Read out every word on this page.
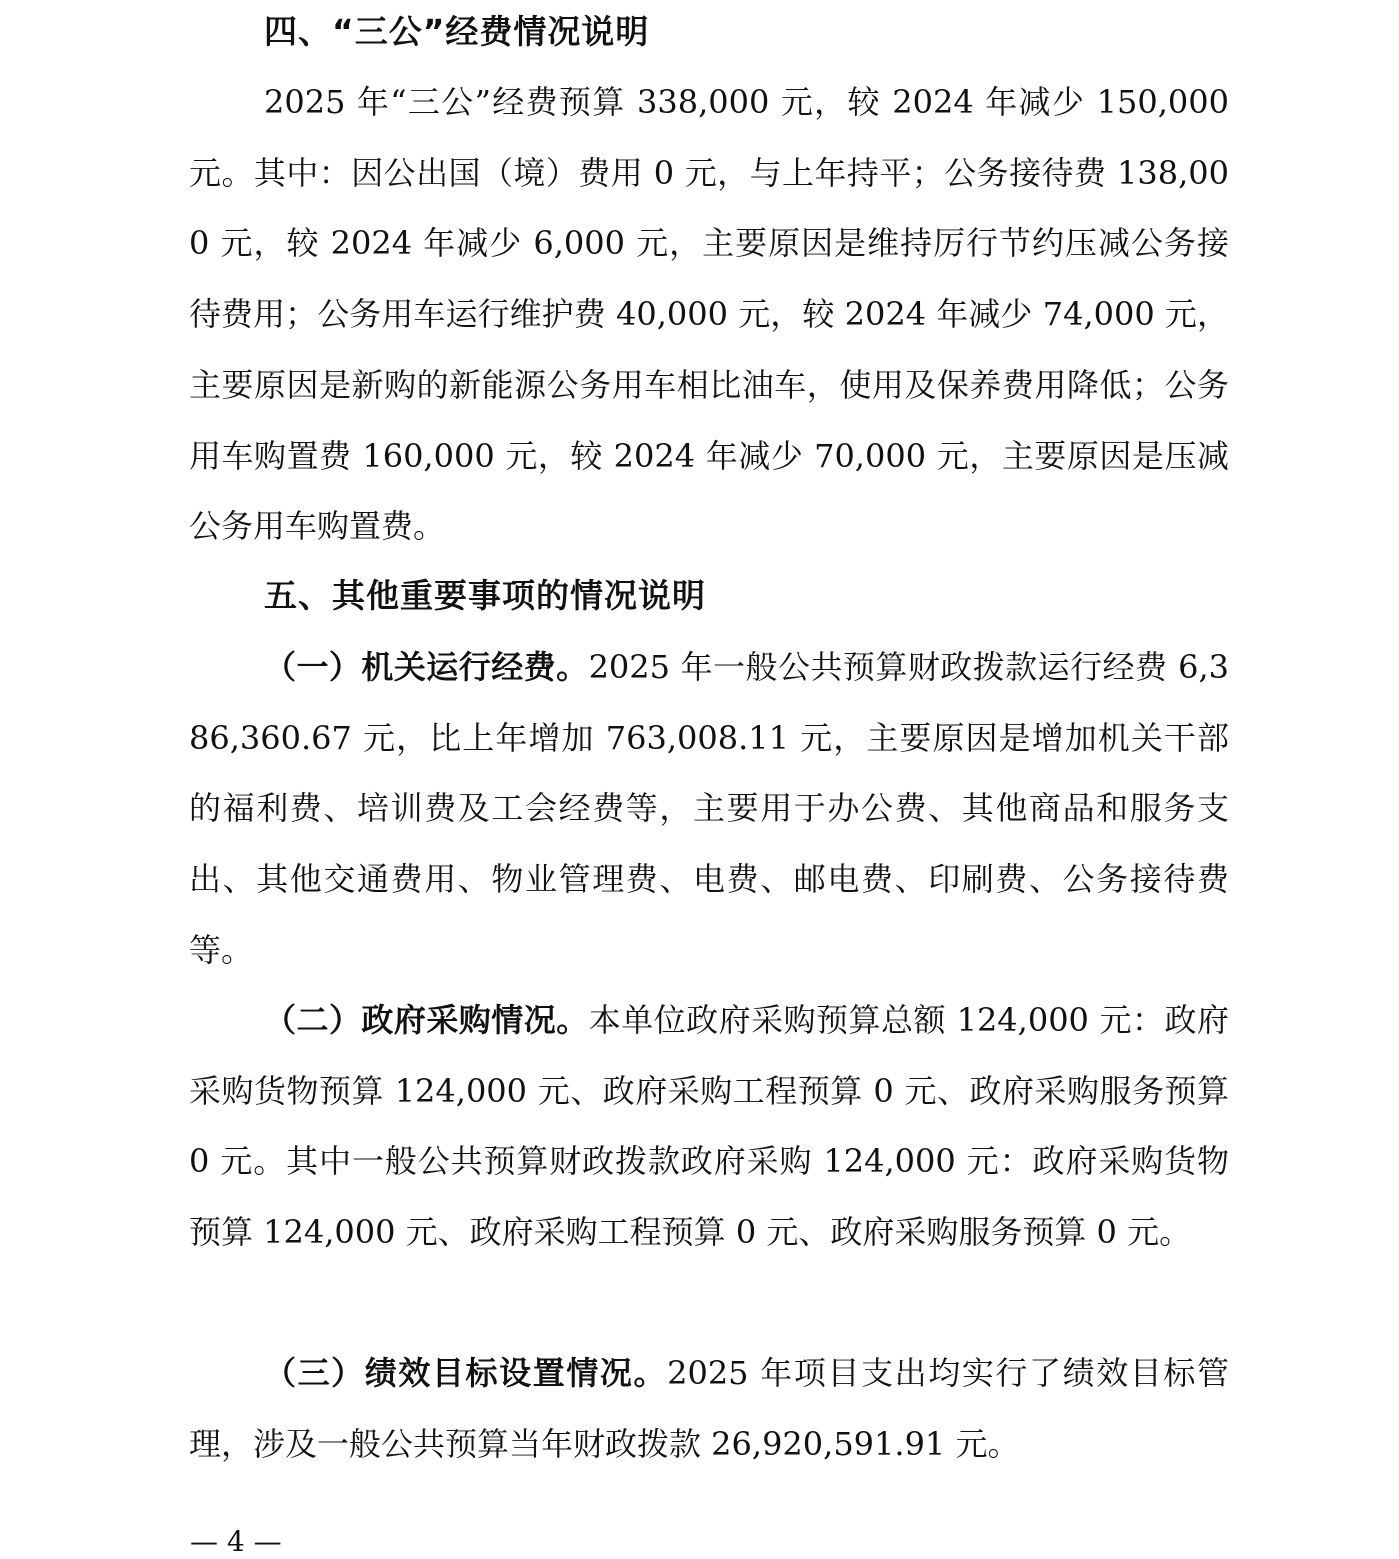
四、“三公”经费情况说明

2025 年“三公”经费预算 338,000 元，较 2024 年减少 150,000 元。其中：因公出国（境）费用 0 元，与上年持平；公务接待费 138,000 元，较 2024 年减少 6,000 元，主要原因是维持厉行节约压减公务接待费用；公务用车运行维护费 40,000 元，较 2024 年减少 74,000 元，主要原因是新购的新能源公务用车相比油车，使用及保养费用降低；公务用车购置费 160,000 元，较 2024 年减少 70,000 元，主要原因是压减公务用车购置费。

五、其他重要事项的情况说明

（一）机关运行经费。2025 年一般公共预算财政拨款运行经费 6,386,360.67 元，比上年增加 763,008.11 元，主要原因是增加机关干部的福利费、培训费及工会经费等，主要用于办公费、其他商品和服务支出、其他交通费用、物业管理费、电费、邮电费、印刷费、公务接待费等。

（二）政府采购情况。本单位政府采购预算总额 124,000 元：政府采购货物预算 124,000 元、政府采购工程预算 0 元、政府采购服务预算 0 元。其中一般公共预算财政拨款政府采购 124,000 元：政府采购货物预算 124,000 元、政府采购工程预算 0 元、政府采购服务预算 0 元。

（三）绩效目标设置情况。2025 年项目支出均实行了绩效目标管理，涉及一般公共预算当年财政拨款 26,920,591.91 元。

— 4 —
